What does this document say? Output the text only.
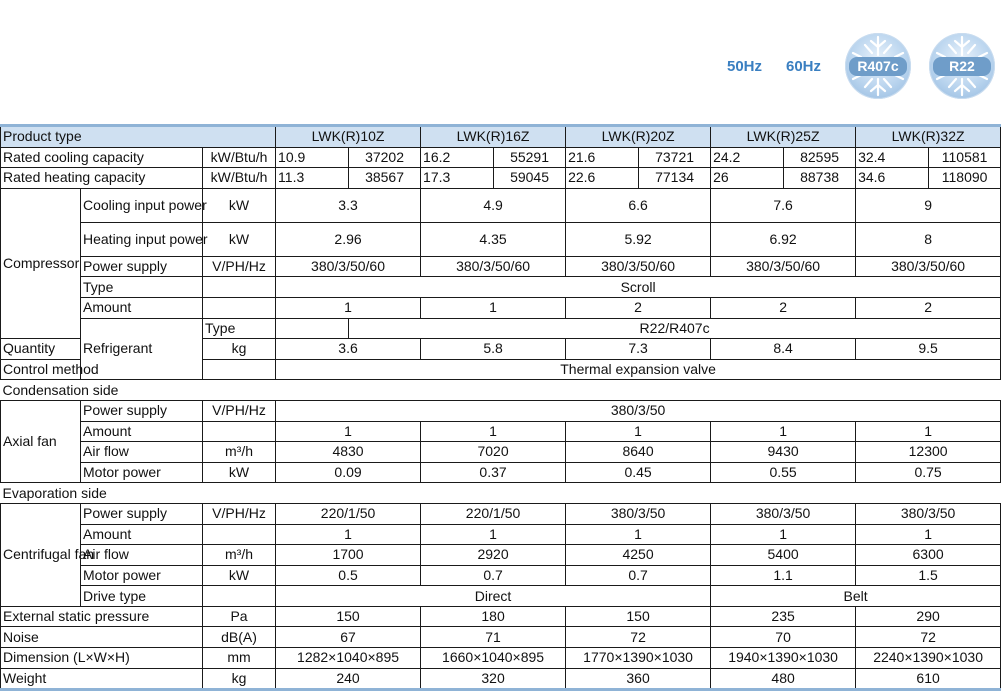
50Hz 60Hz	R407c	R22
Product type			LWK(R)10Z		LWK(R)16Z		LWK(R)20Z		LWK(R)25Z		LWK(R)32Z	
Rated cooling capacity		kW/Btu/h	10.9	37202	16.2	55291	21.6	73721	24.2	82595	32.4	110581
Rated heating capacity		kW/Btu/h	11.3	38567	17.3	59045	22.6	77134	26	88738	34.6	118090
Compressor	Cooling input power	kW	3.3		4.9		6.6		7.6		9	
	Heating input power	kW	2.96		4.35		5.92		6.92		8	
	Power supply	V/PH/Hz	380/3/50/60		380/3/50/60		380/3/50/60		380/3/50/60		380/3/50/60	
	Type		Scroll									
	Amount		1		1		2		2		2	
	Refrigerant	Type		R22/R407c								
Quantity		kg	3.6		5.8		7.3		8.4		9.5	
Control method			Thermal expansion valve									
Condensation side												
Axial fan	Power supply	V/PH/Hz	380/3/50									
	Amount		1		1		1		1		1	
	Air flow	m³/h	4830		7020		8640		9430		12300	
	Motor power	kW	0.09		0.37		0.45		0.55		0.75	
Evaporation side												
Centrifugal fan	Power supply	V/PH/Hz	220/1/50		220/1/50		380/3/50		380/3/50		380/3/50	
	Amount		1		1		1		1		1	
	Air flow	m³/h	1700		2920		4250		5400		6300	
	Motor power	kW	0.5		0.7		0.7		1.1		1.5	
	Drive type		Direct						Belt			
External static pressure		Pa	150		180		150		235		290	
Noise		dB(A)	67		71		72		70		72	
Dimension (L×W×H)		mm	1282×1040×895		1660×1040×895		1770×1390×1030		1940×1390×1030		2240×1390×1030	
Weight		kg	240		320		360		480		610	
